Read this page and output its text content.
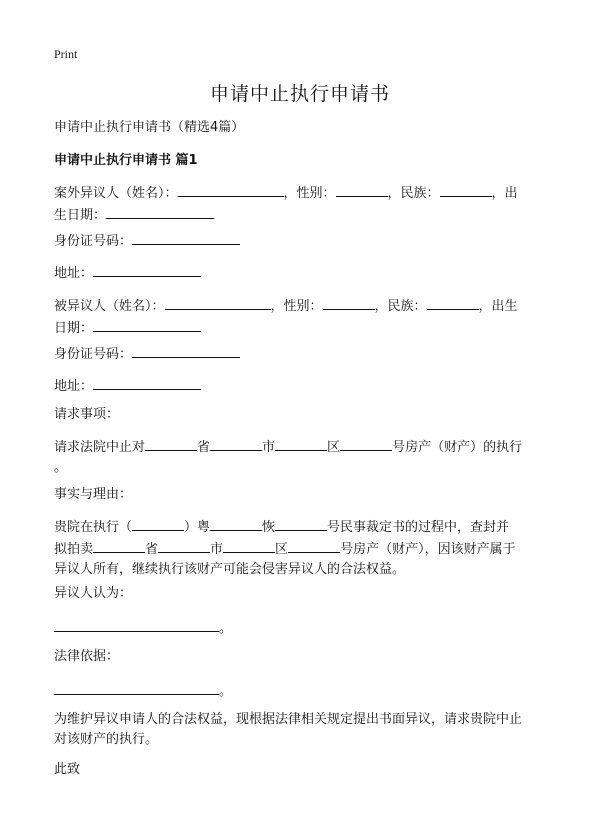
Print
申请中止执行申请书
申请中止执行申请书（精选4篇）
申请中止执行申请书 篇1
案外异议人（姓名）：	，性别：	，民族：	，出
生日期：
身份证号码：
地址：
被异议人（姓名）：	，性别：	，民族：	，出生
日期：
身份证号码：
地址：
请求事项：
请求法院中止对	省	市	区	号房产（财产）的执行
。
事实与理由：
贵院在执行（	）粤	恢	号民事裁定书的过程中，查封并
拟拍卖	省	市	区	号房产（财产），因该财产属于
异议人所有，继续执行该财产可能会侵害异议人的合法权益。
异议人认为：
。
法律依据：
。
为维护异议申请人的合法权益，现根据法律相关规定提出书面异议，请求贵院中止
对该财产的执行。
此致
